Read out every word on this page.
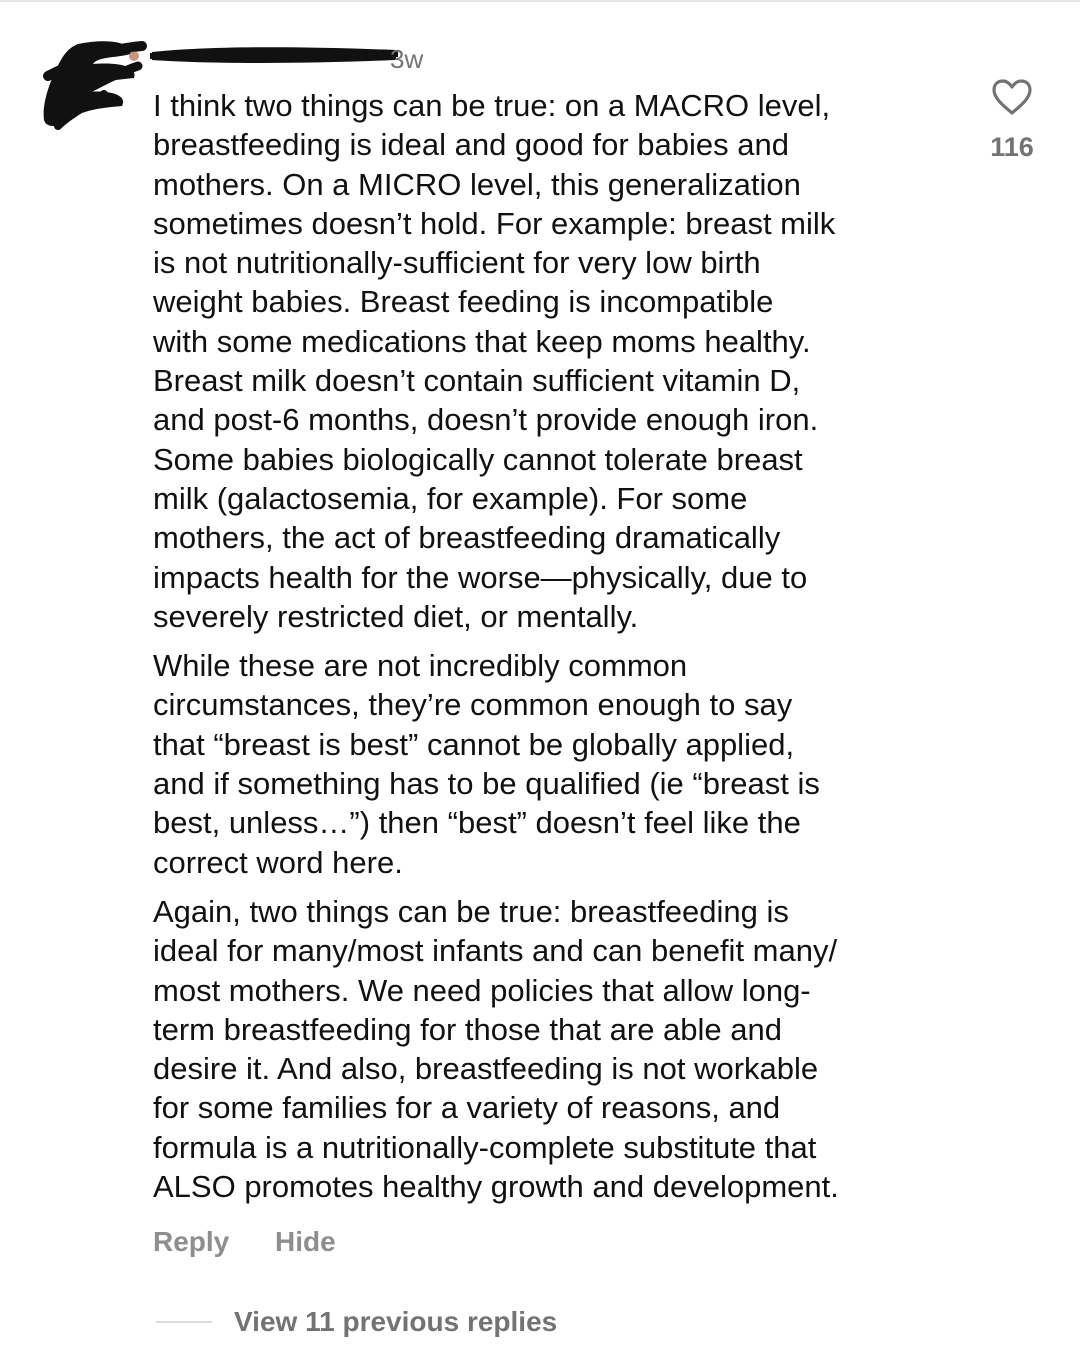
3w

I think two things can be true: on a MACRO level,
breastfeeding is ideal and good for babies and
mothers. On a MICRO level, this generalization
sometimes doesn’t hold. For example: breast milk
is not nutritionally-sufficient for very low birth
weight babies. Breast feeding is incompatible
with some medications that keep moms healthy.
Breast milk doesn’t contain sufficient vitamin D,
and post-6 months, doesn’t provide enough iron.
Some babies biologically cannot tolerate breast
milk (galactosemia, for example). For some
mothers, the act of breastfeeding dramatically
impacts health for the worse—physically, due to
severely restricted diet, or mentally.

While these are not incredibly common
circumstances, they’re common enough to say
that “breast is best” cannot be globally applied,
and if something has to be qualified (ie “breast is
best, unless…”) then “best” doesn’t feel like the
correct word here.

Again, two things can be true: breastfeeding is
ideal for many/most infants and can benefit many/
most mothers. We need policies that allow long-
term breastfeeding for those that are able and
desire it. And also, breastfeeding is not workable
for some families for a variety of reasons, and
formula is a nutritionally-complete substitute that
ALSO promotes healthy growth and development.

116
Reply Hide
View 11 previous replies
